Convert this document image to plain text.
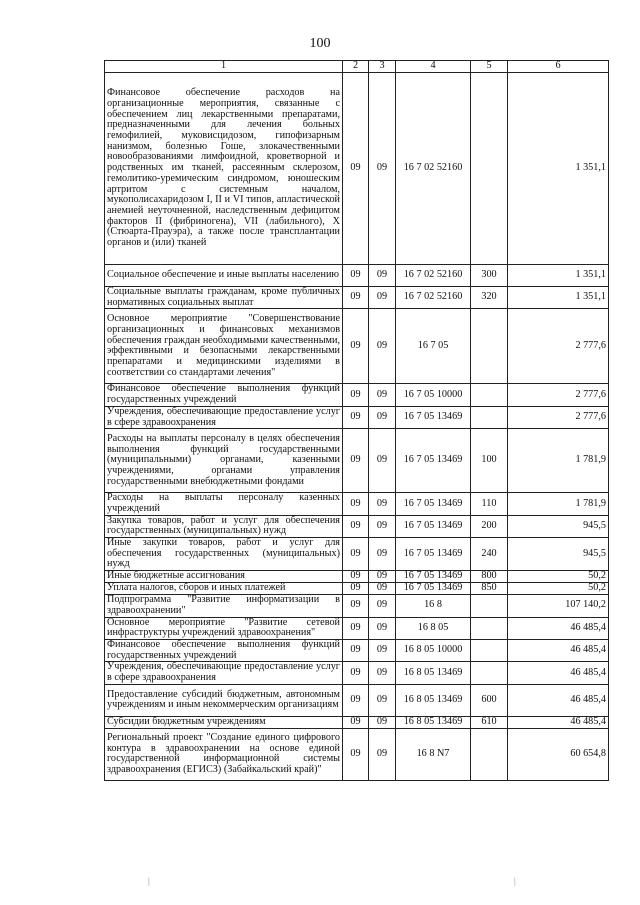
100
1	2	3	4	5	6
Финансовое обеспечение расходов на организационные мероприятия, связанные с обеспечением лиц лекарственными препаратами, предназначенными для лечения больных гемофилией, муковисцидозом, гипофизарным нанизмом, болезнью Гоше, злокачественными новообразованиями лимфоидной, кроветворной и родственных им тканей, рассеянным склерозом, гемолитико-уремическим синдромом, юношеским артритом с системным началом, мукополисахаридозом I, II и VI типов, апластической анемией неуточненной, наследственным дефицитом факторов II (фибриногена), VII (лабильного), X (Стюарта-Прауэра), а также после трансплантации органов и (или) тканей	09	09	16 7 02 52160		1 351,1
Социальное обеспечение и иные выплаты населению	09	09	16 7 02 52160	300	1 351,1
Социальные выплаты гражданам, кроме публичных нормативных социальных выплат	09	09	16 7 02 52160	320	1 351,1
Основное мероприятие "Совершенствование организационных и финансовых механизмов обеспечения граждан необходимыми качественными, эффективными и безопасными лекарственными препаратами и медицинскими изделиями в соответствии со стандартами лечения"	09	09	16 7 05		2 777,6
Финансовое обеспечение выполнения функций государственных учреждений	09	09	16 7 05 10000		2 777,6
Учреждения, обеспечивающие предоставление услуг в сфере здравоохранения	09	09	16 7 05 13469		2 777,6
Расходы на выплаты персоналу в целях обеспечения выполнения функций государственными (муниципальными) органами, казенными учреждениями, органами управления государственными внебюджетными фондами	09	09	16 7 05 13469	100	1 781,9
Расходы на выплаты персоналу казенных учреждений	09	09	16 7 05 13469	110	1 781,9
Закупка товаров, работ и услуг для обеспечения государственных (муниципальных) нужд	09	09	16 7 05 13469	200	945,5
Иные закупки товаров, работ и услуг для обеспечения государственных (муниципальных) нужд	09	09	16 7 05 13469	240	945,5
Иные бюджетные ассигнования	09	09	16 7 05 13469	800	50,2
Уплата налогов, сборов и иных платежей	09	09	16 7 05 13469	850	50,2
Подпрограмма "Развитие информатизации в здравоохранении"	09	09	16 8		107 140,2
Основное мероприятие "Развитие сетевой инфраструктуры учреждений здравоохранения"	09	09	16 8 05		46 485,4
Финансовое обеспечение выполнения функций государственных учреждений	09	09	16 8 05 10000		46 485,4
Учреждения, обеспечивающие предоставление услуг в сфере здравоохранения	09	09	16 8 05 13469		46 485,4
Предоставление субсидий бюджетным, автономным учреждениям и иным некоммерческим организациям	09	09	16 8 05 13469	600	46 485,4
Субсидии бюджетным учреждениям	09	09	16 8 05 13469	610	46 485,4
Региональный проект "Создание единого цифрового контура в здравоохранении на основе единой государственной информационной системы здравоохранения (ЕГИСЗ) (Забайкальский край)"	09	09	16 8 N7		60 654,8
|	|
